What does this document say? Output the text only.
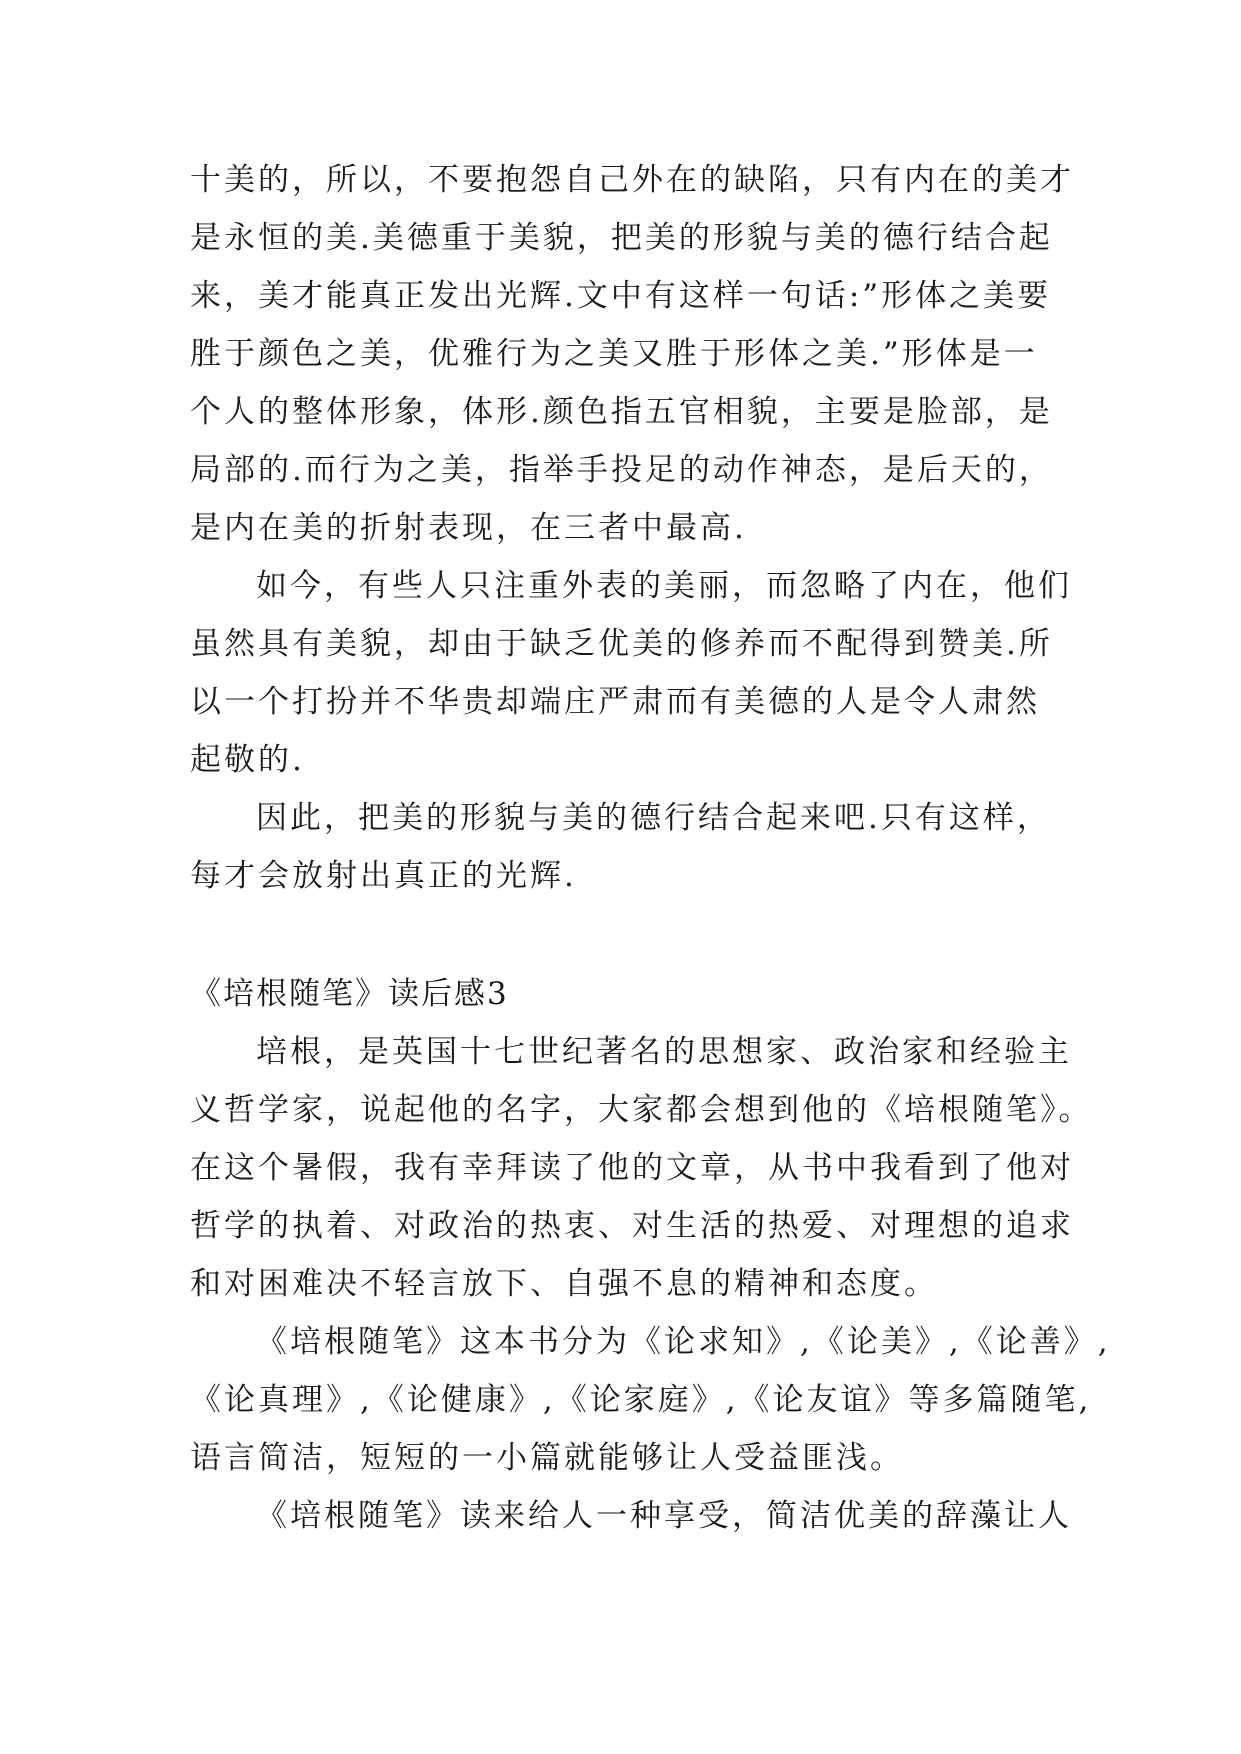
十美的，所以，不要抱怨自己外在的缺陷，只有内在的美才
是永恒的美.美德重于美貌，把美的形貌与美的德行结合起
来，美才能真正发出光辉.文中有这样一句话:”形体之美要
胜于颜色之美，优雅行为之美又胜于形体之美.”形体是一
个人的整体形象，体形.颜色指五官相貌，主要是脸部，是
局部的.而行为之美，指举手投足的动作神态，是后天的，
是内在美的折射表现，在三者中最高.
如今，有些人只注重外表的美丽，而忽略了内在，他们
虽然具有美貌，却由于缺乏优美的修养而不配得到赞美.所
以一个打扮并不华贵却端庄严肃而有美德的人是令人肃然
起敬的.
因此，把美的形貌与美的德行结合起来吧.只有这样，
每才会放射出真正的光辉.
《培根随笔》读后感3
培根，是英国十七世纪著名的思想家、政治家和经验主
义哲学家，说起他的名字，大家都会想到他的《培根随笔》。
在这个暑假，我有幸拜读了他的文章，从书中我看到了他对
哲学的执着、对政治的热衷、对生活的热爱、对理想的追求
和对困难决不轻言放下、自强不息的精神和态度。
《培根随笔》这本书分为《论求知》,《论美》,《论善》,
《论真理》,《论健康》,《论家庭》,《论友谊》等多篇随笔,
语言简洁，短短的一小篇就能够让人受益匪浅。
《培根随笔》读来给人一种享受，简洁优美的辞藻让人
